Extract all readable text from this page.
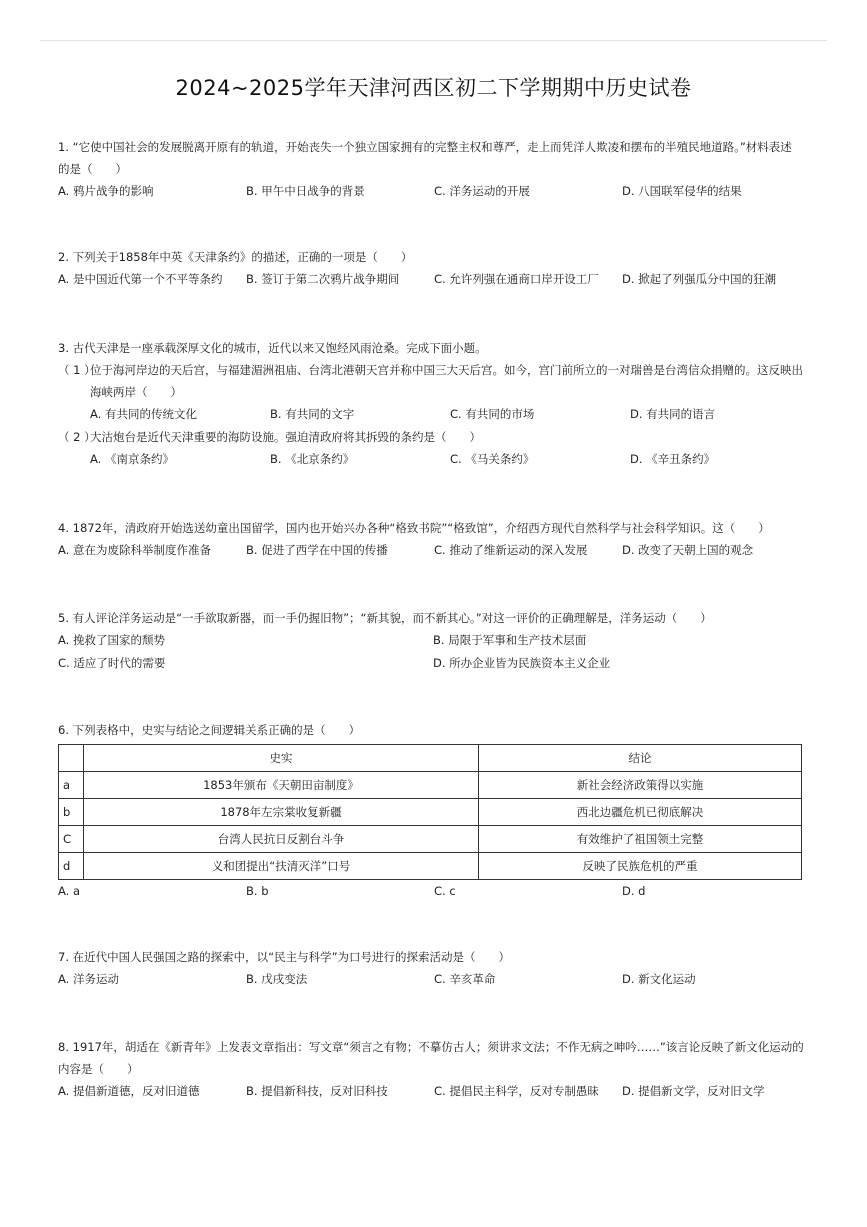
2024~2025学年天津河西区初二下学期期中历史试卷
1. “它使中国社会的发展脱离开原有的轨道，开始丧失一个独立国家拥有的完整主权和尊严，走上而凭洋人欺凌和摆布的半殖民地道路。”材料表述
的是（　　）
A. 鸦片战争的影响	B. 甲午中日战争的背景	C. 洋务运动的开展	D. 八国联军侵华的结果
2. 下列关于1858年中英《天津条约》的描述，正确的一项是（　　）
A. 是中国近代第一个不平等条约	B. 签订于第二次鸦片战争期间	C. 允许列强在通商口岸开设工厂	D. 掀起了列强瓜分中国的狂潮
3. 古代天津是一座承载深厚文化的城市，近代以来又饱经风雨沧桑。完成下面小题。
（ 1 ）
位于海河岸边的天后宫，与福建湄洲祖庙、台湾北港朝天宫并称中国三大天后宫。如今，宫门前所立的一对瑞兽是台湾信众捐赠的。这反映出
海峡两岸（　　）
A. 有共同的传统文化	B. 有共同的文字	C. 有共同的市场	D. 有共同的语言
（ 2 ）
大沽炮台是近代天津重要的海防设施。强迫清政府将其拆毁的条约是（　　）
A. 《南京条约》	B. 《北京条约》	C. 《马关条约》	D. 《辛丑条约》
4. 1872年，清政府开始选送幼童出国留学，国内也开始兴办各种“格致书院”“格致馆”，介绍西方现代自然科学与社会科学知识。这（　　）
A. 意在为废除科举制度作准备	B. 促进了西学在中国的传播	C. 推动了维新运动的深入发展	D. 改变了天朝上国的观念
5. 有人评论洋务运动是“一手欲取新器，而一手仍握旧物”；“新其貌，而不新其心。”对这一评价的正确理解是，洋务运动（　　）
A. 挽救了国家的颓势	B. 局限于军事和生产技术层面
C. 适应了时代的需要	D. 所办企业皆为民族资本主义企业
6. 下列表格中，史实与结论之间逻辑关系正确的是（　　）
	史实	结论
a	1853年颁布《天朝田亩制度》	新社会经济政策得以实施
b	1878年左宗棠收复新疆	西北边疆危机已彻底解决
C	台湾人民抗日反割台斗争	有效维护了祖国领土完整
d	义和团提出“扶清灭洋”口号	反映了民族危机的严重
A. a	B. b	C. c	D. d
7. 在近代中国人民强国之路的探索中，以“民主与科学”为口号进行的探索活动是（　　）
A. 洋务运动	B. 戊戌变法	C. 辛亥革命	D. 新文化运动
8. 1917年，胡适在《新青年》上发表文章指出：写文章“须言之有物；不摹仿古人；须讲求文法；不作无病之呻吟……”该言论反映了新文化运动的
内容是（　　）
A. 提倡新道德，反对旧道德	B. 提倡新科技，反对旧科技	C. 提倡民主科学，反对专制愚昧	D. 提倡新文学，反对旧文学
